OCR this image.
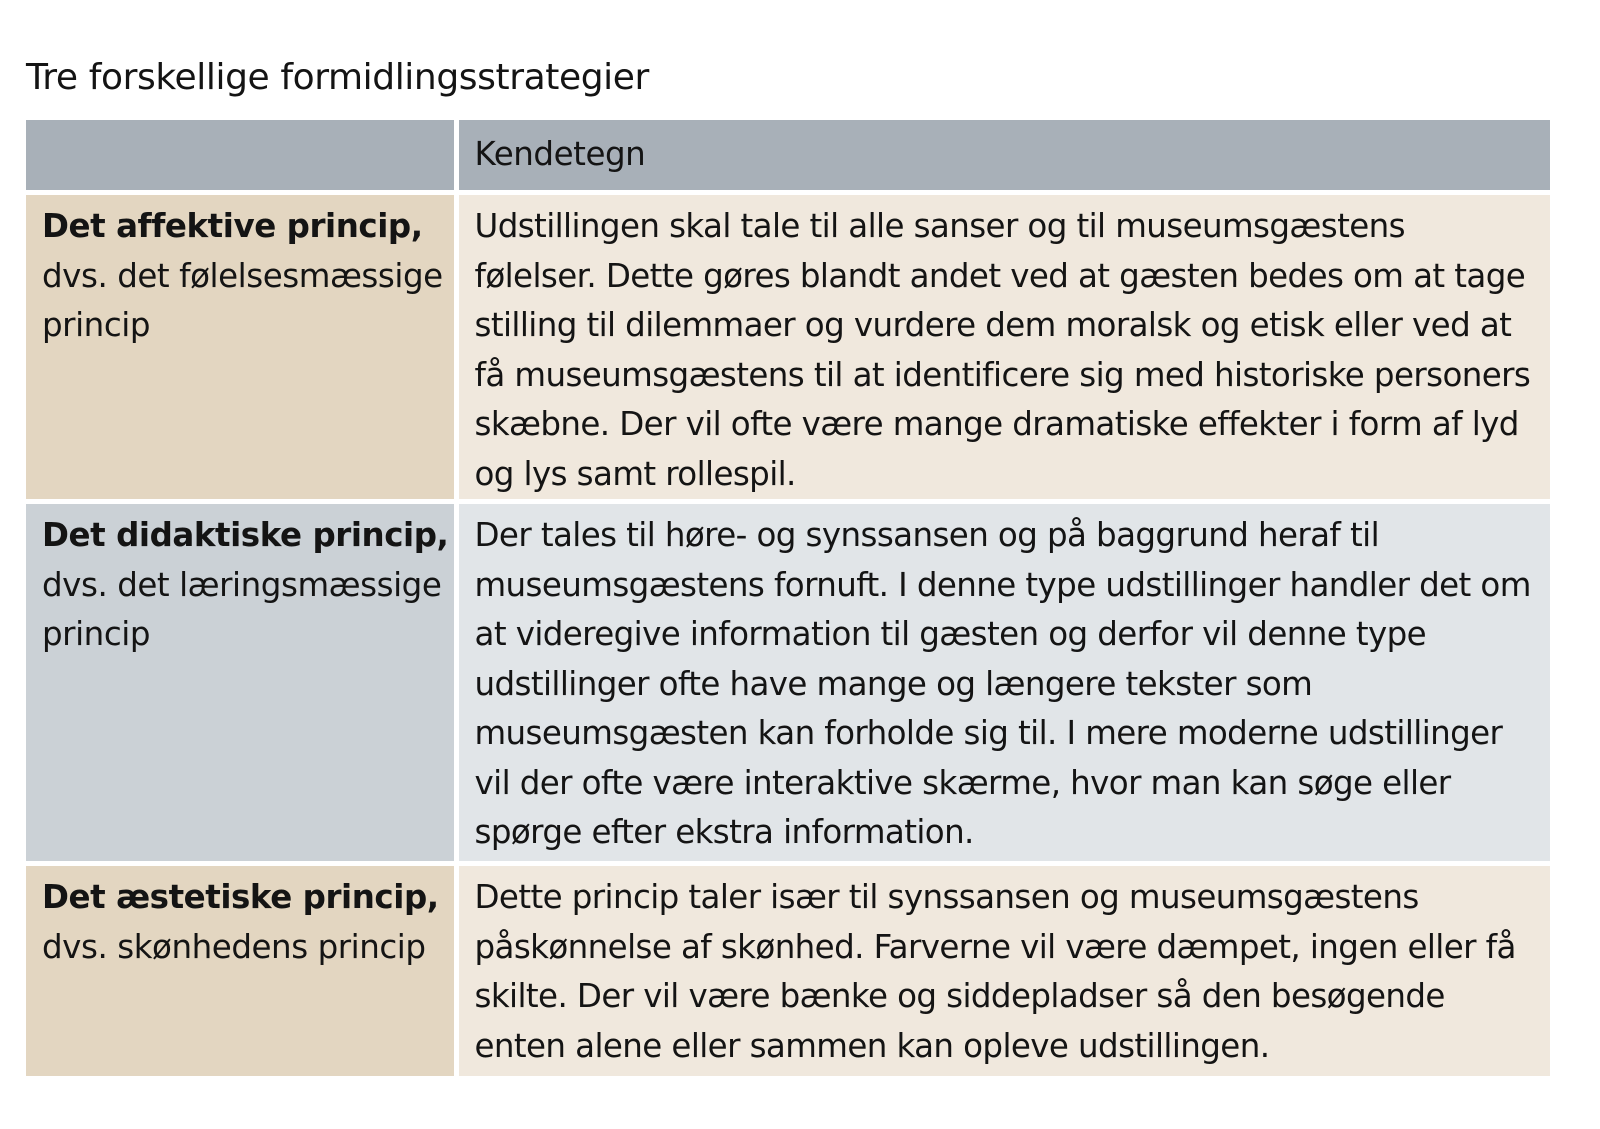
Tre forskellige formidlingsstrategier
	Kendetegn

Det affektive princip,
dvs. det følelsesmæssige princip	Udstillingen skal tale til alle sanser og til museumsgæstens følelser. Dette gøres blandt andet ved at gæsten bedes om at tage stilling til dilemmaer og vurdere dem moralsk og etisk eller ved at få museumsgæstens til at identificere sig med historiske personers skæbne. Der vil ofte være mange dramatiske effekter i form af lyd og lys samt rollespil.

Det didaktiske princip,
dvs. det læringsmæssige princip	Der tales til høre- og synssansen og på baggrund heraf til museumsgæstens fornuft. I denne type udstillinger handler det om at videregive information til gæsten og derfor vil denne type udstillinger ofte have mange og længere tekster som museumsgæsten kan forholde sig til. I mere moderne udstillinger vil der ofte være interaktive skærme, hvor man kan søge eller spørge efter ekstra information.

Det æstetiske princip,
dvs. skønhedens princip	Dette princip taler især til synssansen og museumsgæstens påskønnelse af skønhed. Farverne vil være dæmpet, ingen eller få skilte. Der vil være bænke og siddepladser så den besøgende enten alene eller sammen kan opleve udstillingen.
